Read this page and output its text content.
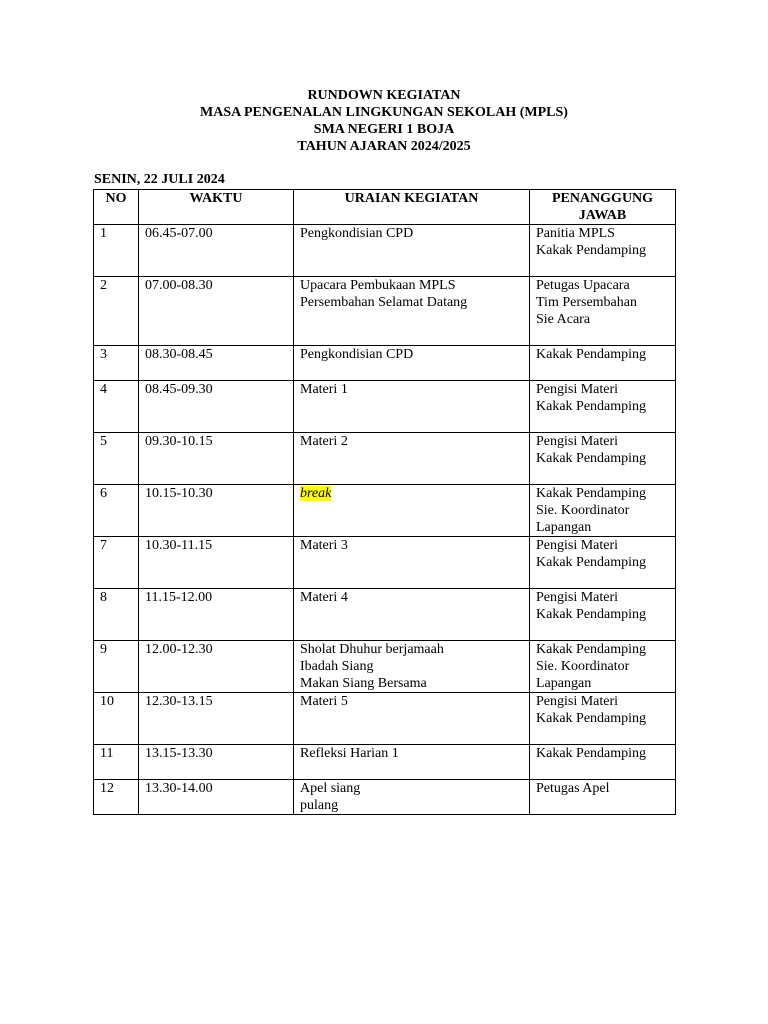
RUNDOWN KEGIATAN
MASA PENGENALAN LINGKUNGAN SEKOLAH (MPLS)
SMA NEGERI 1 BOJA
TAHUN AJARAN 2024/2025
SENIN, 22 JULI 2024
NO	WAKTU	URAIAN KEGIATAN	PENANGGUNG
JAWAB

1	06.45-07.00	Pengkondisian CPD	Panitia MPLS
Kakak Pendamping

2	07.00-08.30	Upacara Pembukaan MPLS
Persembahan Selamat Datang	Petugas Upacara
Tim Persembahan
Sie Acara

3	08.30-08.45	Pengkondisian CPD	Kakak Pendamping

4	08.45-09.30	Materi 1	Pengisi Materi
Kakak Pendamping

5	09.30-10.15	Materi 2	Pengisi Materi
Kakak Pendamping

6	10.15-10.30	break	Kakak Pendamping
Sie. Koordinator
Lapangan

7	10.30-11.15	Materi 3	Pengisi Materi
Kakak Pendamping

8	11.15-12.00	Materi 4	Pengisi Materi
Kakak Pendamping

9	12.00-12.30	Sholat Dhuhur berjamaah
Ibadah Siang
Makan Siang Bersama	Kakak Pendamping
Sie. Koordinator
Lapangan

10	12.30-13.15	Materi 5	Pengisi Materi
Kakak Pendamping

11	13.15-13.30	Refleksi Harian 1	Kakak Pendamping

12	13.30-14.00	Apel siang
pulang	Petugas Apel
